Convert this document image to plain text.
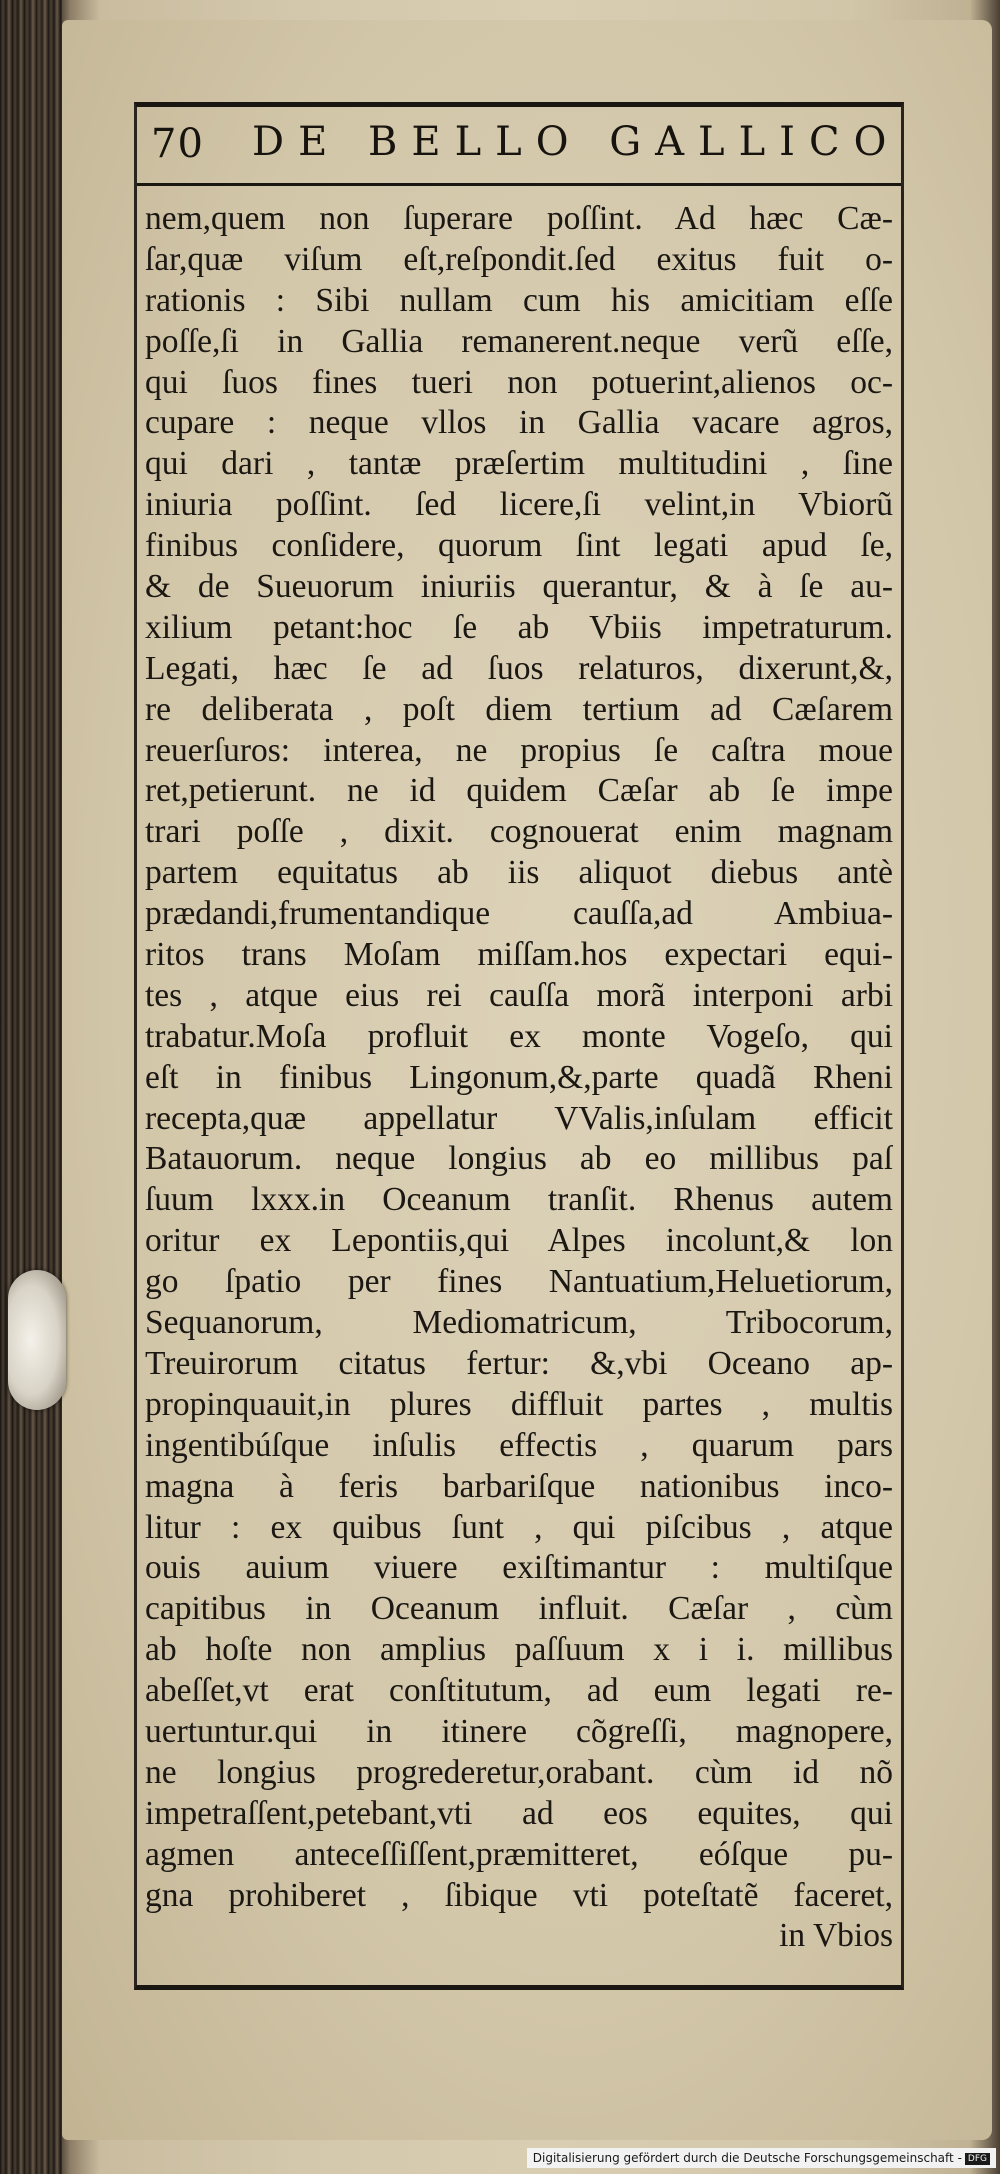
70 DE BELLO GALLICO
nem,quem non ſuperare poſſint. Ad hæc Cæ-
ſar,quæ viſum eſt,reſpondit.ſed exitus fuit o-
rationis : Sibi nullam cum his amicitiam eſſe
poſſe,ſi in Gallia remanerent.neque verũ eſſe,
qui ſuos fines tueri non potuerint,alienos oc-
cupare : neque vllos in Gallia vacare agros,
qui dari , tantæ præſertim multitudini , ſine
iniuria poſſint. ſed licere,ſi velint,in Vbiorũ
finibus conſidere, quorum ſint legati apud ſe,
& de Sueuorum iniuriis querantur, & à ſe au-
xilium petant:hoc ſe ab Vbiis impetraturum.
Legati, hæc ſe ad ſuos relaturos, dixerunt,&,
re deliberata , poſt diem tertium ad Cæſarem
reuerſuros: interea, ne propius ſe caſtra moue
ret,petierunt. ne id quidem Cæſar ab ſe impe
trari poſſe , dixit. cognouerat enim magnam
partem equitatus ab iis aliquot diebus antè
prædandi,frumentandique cauſſa,ad Ambiua-
ritos trans Moſam miſſam.hos expectari equi-
tes , atque eius rei cauſſa morã interponi arbi
trabatur.Moſa profluit ex monte Vogeſo, qui
eſt in finibus Lingonum,&,parte quadã Rheni
recepta,quæ appellatur VValis,inſulam efficit
Batauorum. neque longius ab eo millibus paſ
ſuum lxxx.in Oceanum tranſit. Rhenus autem
oritur ex Lepontiis,qui Alpes incolunt,& lon
go ſpatio per fines Nantuatium,Heluetiorum,
Sequanorum, Mediomatricum, Tribocorum,
Treuirorum citatus fertur: &,vbi Oceano ap-
propinquauit,in plures diffluit partes , multis
ingentibúſque inſulis effectis , quarum pars
magna à feris barbariſque nationibus inco-
litur : ex quibus ſunt , qui piſcibus , atque
ouis auium viuere exiſtimantur : multiſque
capitibus in Oceanum influit. Cæſar , cùm
ab hoſte non amplius paſſuum x i i. millibus
abeſſet,vt erat conſtitutum, ad eum legati re-
uertuntur.qui in itinere cõgreſſi, magnopere,
ne longius progrederetur,orabant. cùm id nõ
impetraſſent,petebant,vti ad eos equites, qui
agmen anteceſſiſſent,præmitteret, eóſque pu-
gna prohiberet , ſibique vti poteſtatẽ faceret,
in Vbios
Digitalisierung gefördert durch die Deutsche Forschungsgemeinschaft - DFG
